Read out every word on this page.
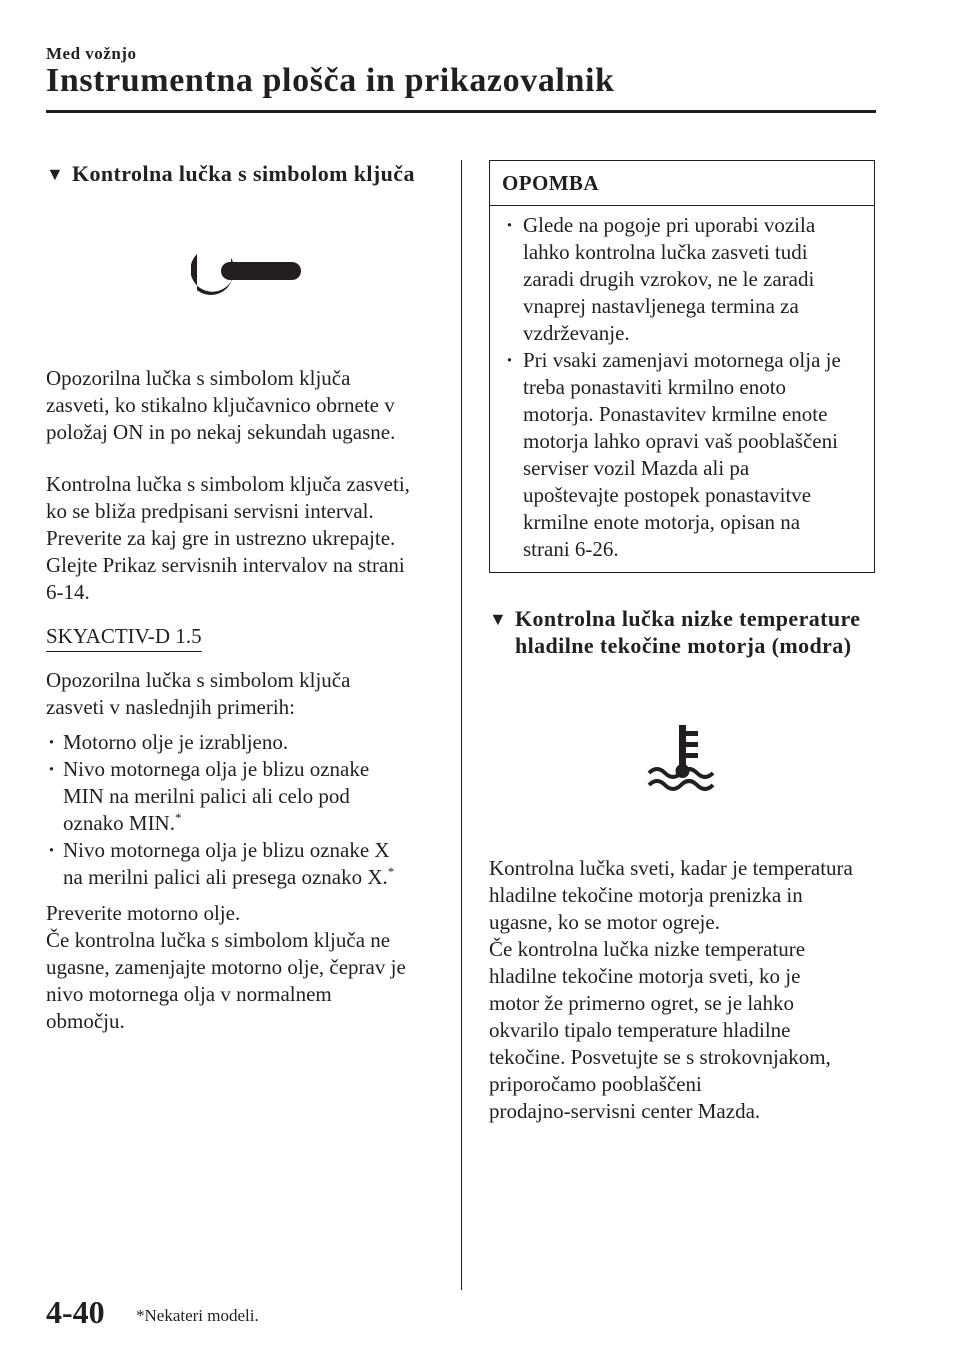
Med vožnjo
Instrumentna plošča in prikazovalnik
▼ Kontrolna lučka s simbolom ključa

Opozorilna lučka s simbolom ključa
zasveti, ko stikalno ključavnico obrnete v
položaj ON in po nekaj sekundah ugasne.

Kontrolna lučka s simbolom ključa zasveti,
ko se bliža predpisani servisni interval.
Preverite za kaj gre in ustrezno ukrepajte.
Glejte Prikaz servisnih intervalov na strani
6-14.

SKYACTIV-D 1.5

Opozorilna lučka s simbolom ključa
zasveti v naslednjih primerih:

· Motorno olje je izrabljeno.
· Nivo motornega olja je blizu oznake
MIN na merilni palici ali celo pod
oznako MIN.*
· Nivo motornega olja je blizu oznake X
na merilni palici ali presega oznako X.*

Preverite motorno olje.
Če kontrolna lučka s simbolom ključa ne
ugasne, zamenjajte motorno olje, čeprav je
nivo motornega olja v normalnem
območju.

OPOMBA
· Glede na pogoje pri uporabi vozila
lahko kontrolna lučka zasveti tudi
zaradi drugih vzrokov, ne le zaradi
vnaprej nastavljenega termina za
vzdrževanje.
· Pri vsaki zamenjavi motornega olja je
treba ponastaviti krmilno enoto
motorja. Ponastavitev krmilne enote
motorja lahko opravi vaš pooblaščeni
serviser vozil Mazda ali pa
upoštevajte postopek ponastavitve
krmilne enote motorja, opisan na
strani 6-26.
▼ Kontrolna lučka nizke temperature
hladilne tekočine motorja (modra)

Kontrolna lučka sveti, kadar je temperatura
hladilne tekočine motorja prenizka in
ugasne, ko se motor ogreje.
Če kontrolna lučka nizke temperature
hladilne tekočine motorja sveti, ko je
motor že primerno ogret, se je lahko
okvarilo tipalo temperature hladilne
tekočine. Posvetujte se s strokovnjakom,
priporočamo pooblaščeni
prodajno-servisni center Mazda.

4-40 *Nekateri modeli.
